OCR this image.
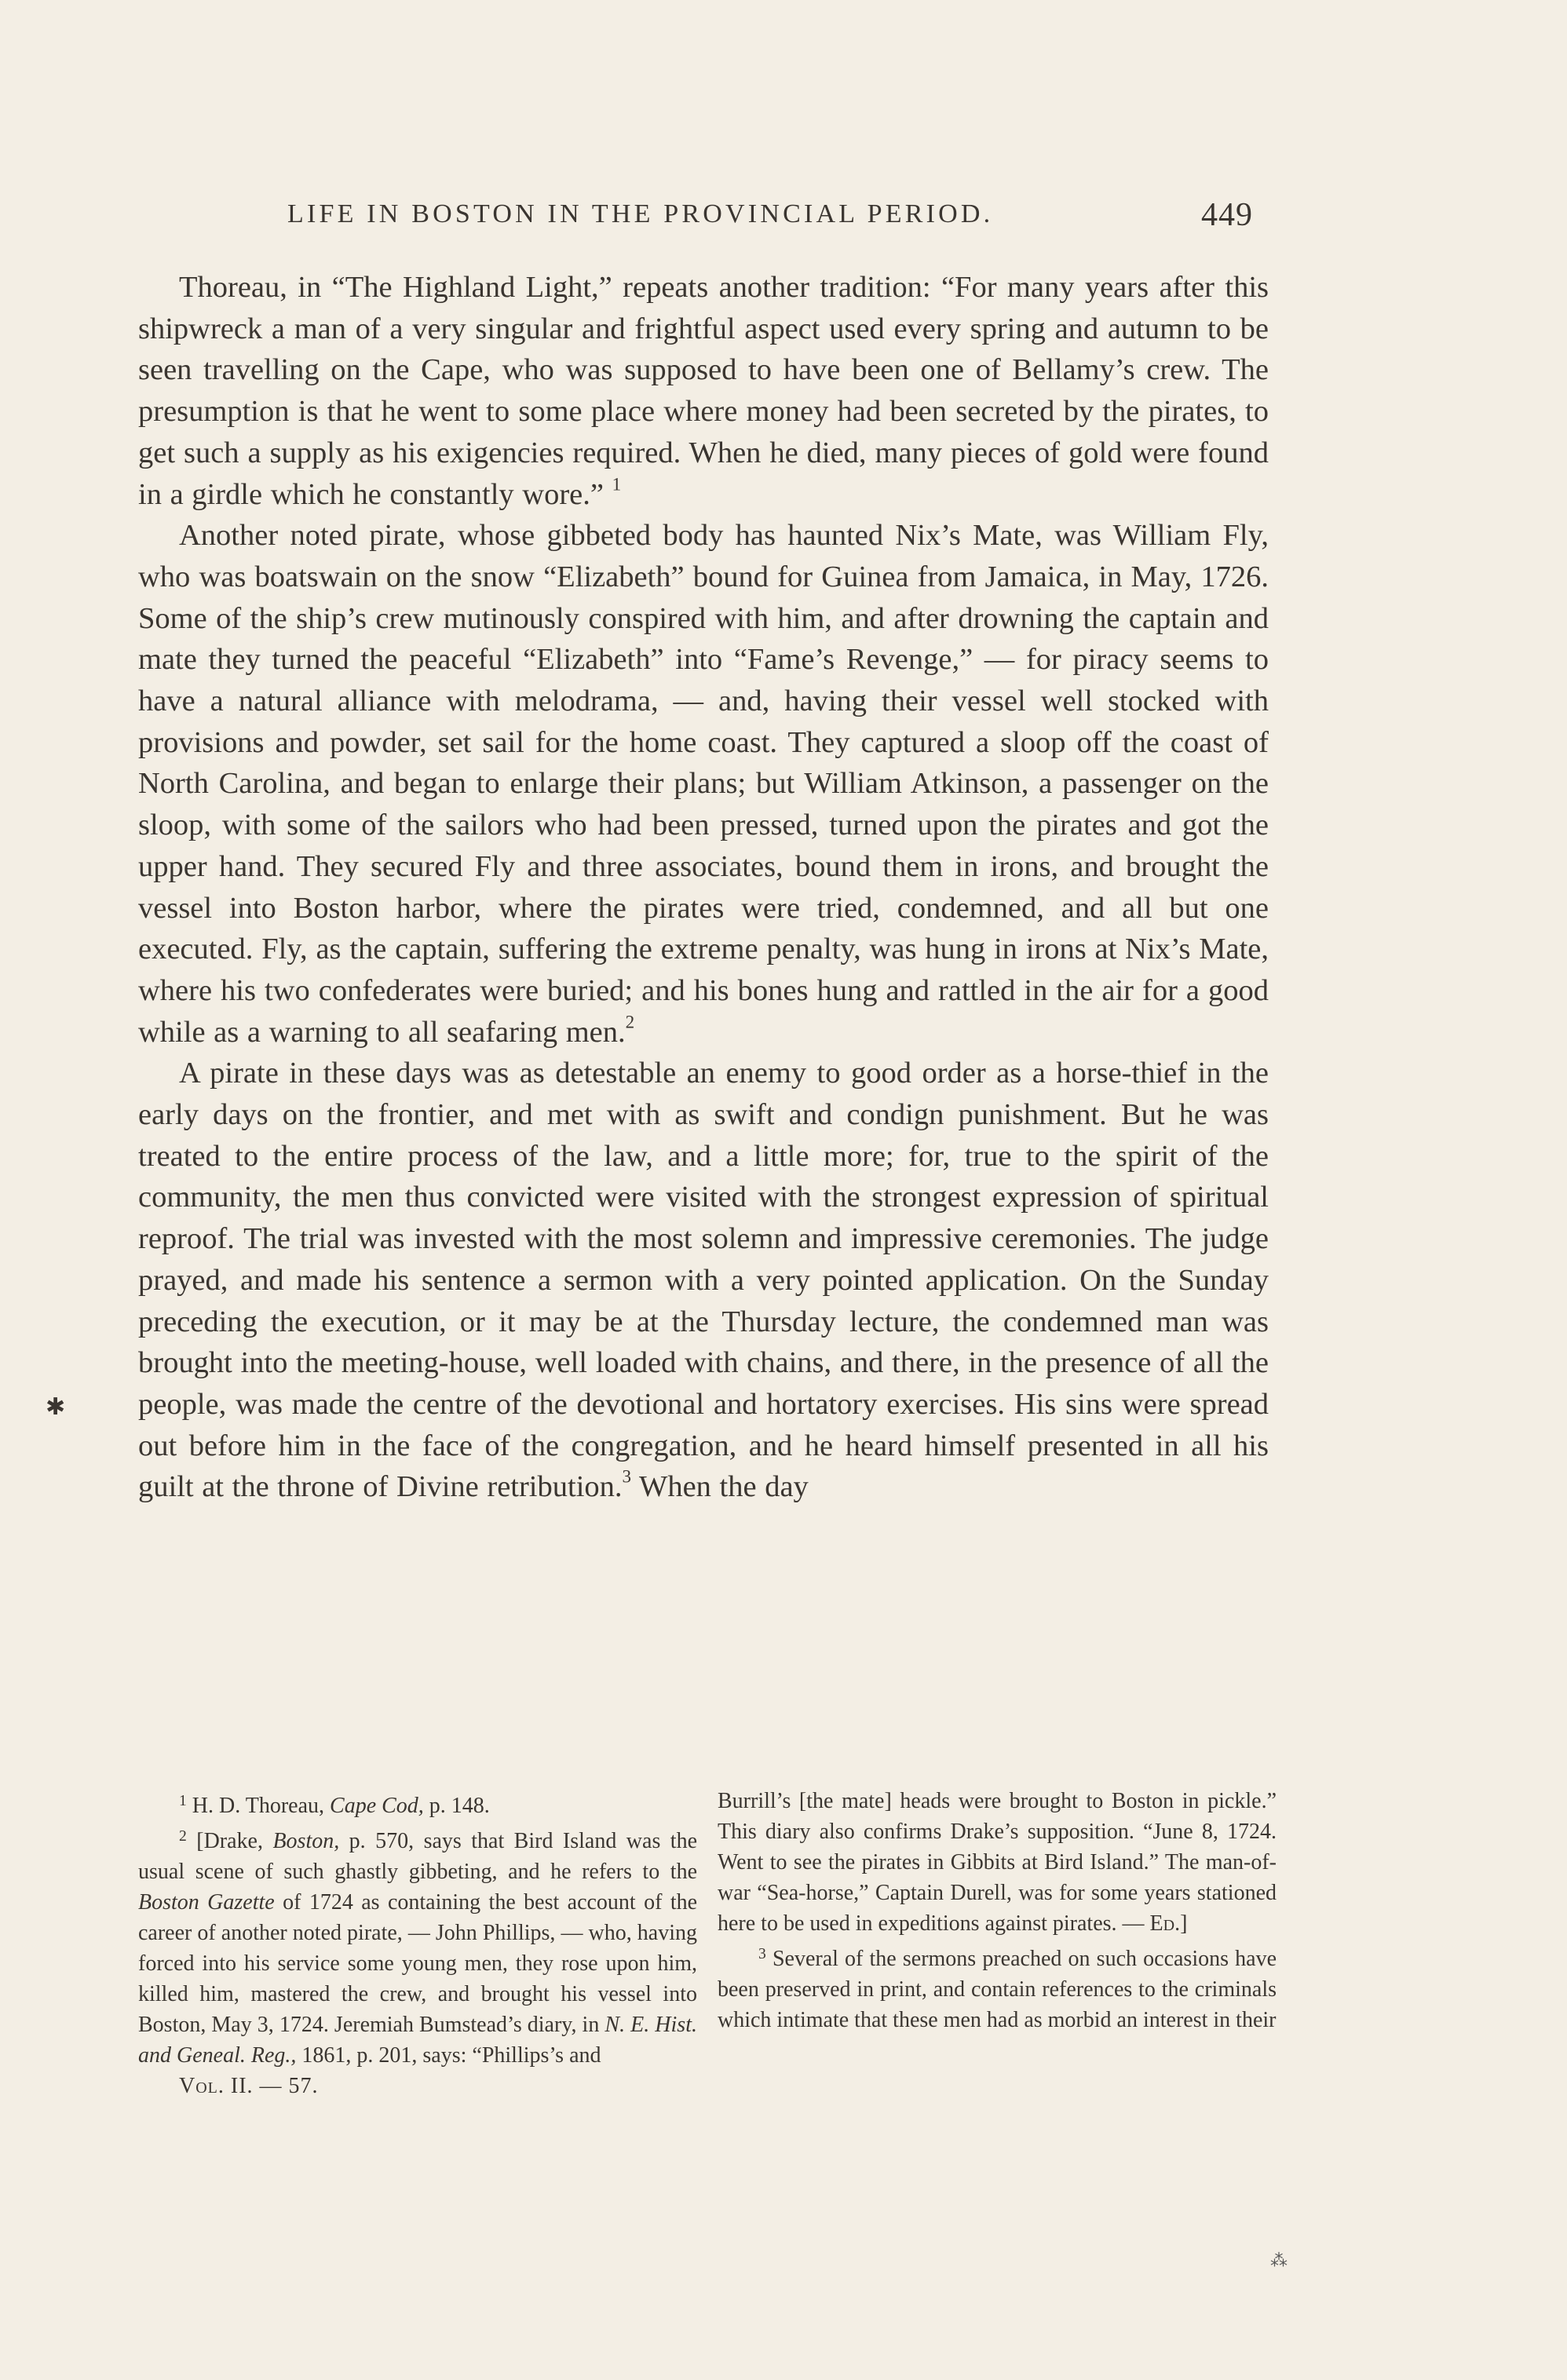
LIFE IN BOSTON IN THE PROVINCIAL PERIOD.	449

Thoreau, in “The Highland Light,” repeats another tradition: “For many years after this shipwreck a man of a very singular and frightful aspect used every spring and autumn to be seen travelling on the Cape, who was supposed to have been one of Bellamy’s crew. The presumption is that he went to some place where money had been secreted by the pirates, to get such a supply as his exigencies required. When he died, many pieces of gold were found in a girdle which he constantly wore.” $^1$

Another noted pirate, whose gibbeted body has haunted Nix’s Mate, was William Fly, who was boatswain on the snow “Elizabeth” bound for Guinea from Jamaica, in May, 1726. Some of the ship’s crew mutinously conspired with him, and after drowning the captain and mate they turned the peaceful “Elizabeth” into “Fame’s Revenge,” — for piracy seems to have a natural alliance with melodrama, — and, having their vessel well stocked with provisions and powder, set sail for the home coast. They captured a sloop off the coast of North Carolina, and began to enlarge their plans; but William Atkinson, a passenger on the sloop, with some of the sailors who had been pressed, turned upon the pirates and got the upper hand. They secured Fly and three associates, bound them in irons, and brought the vessel into Boston harbor, where the pirates were tried, condemned, and all but one executed. Fly, as the captain, suffering the extreme penalty, was hung in irons at Nix’s Mate, where his two confederates were buried; and his bones hung and rattled in the air for a good while as a warning to all seafaring men.$^2$

A pirate in these days was as detestable an enemy to good order as a horse-thief in the early days on the frontier, and met with as swift and condign punishment. But he was treated to the entire process of the law, and a little more; for, true to the spirit of the community, the men thus convicted were visited with the strongest expression of spiritual reproof. The trial was invested with the most solemn and impressive ceremonies. The judge prayed, and made his sentence a sermon with a very pointed application. On the Sunday preceding the execution, or it may be at the Thursday lecture, the condemned man was brought into the meeting-house, well loaded with chains, and there, in the presence of all the people, was made the centre of the devotional and hortatory exercises. His sins were spread out before him in the face of the congregation, and he heard himself presented in all his guilt at the throne of Divine retribution.$^3$ When the day

✱

$^1$ H. D. Thoreau, Cape Cod, p. 148.

$^2$ [Drake, Boston, p. 570, says that Bird Island was the usual scene of such ghastly gibbeting, and he refers to the Boston Gazette of 1724 as containing the best account of the career of another noted pirate, — John Phillips, — who, having forced into his service some young men, they rose upon him, killed him, mastered the crew, and brought his vessel into Boston, May 3, 1724. Jeremiah Bumstead’s diary, in N. E. Hist. and Geneal. Reg., 1861, p. 201, says: “Phillips’s and

Vol. II. — 57.

Burrill’s [the mate] heads were brought to Boston in pickle.” This diary also confirms Drake’s supposition. “June 8, 1724. Went to see the pirates in Gibbits at Bird Island.” The man-of-war “Sea-horse,” Captain Durell, was for some years stationed here to be used in expeditions against pirates. — Ed.]

$^3$ Several of the sermons preached on such occasions have been preserved in print, and contain references to the criminals which intimate that these men had as morbid an interest in their

⁂
